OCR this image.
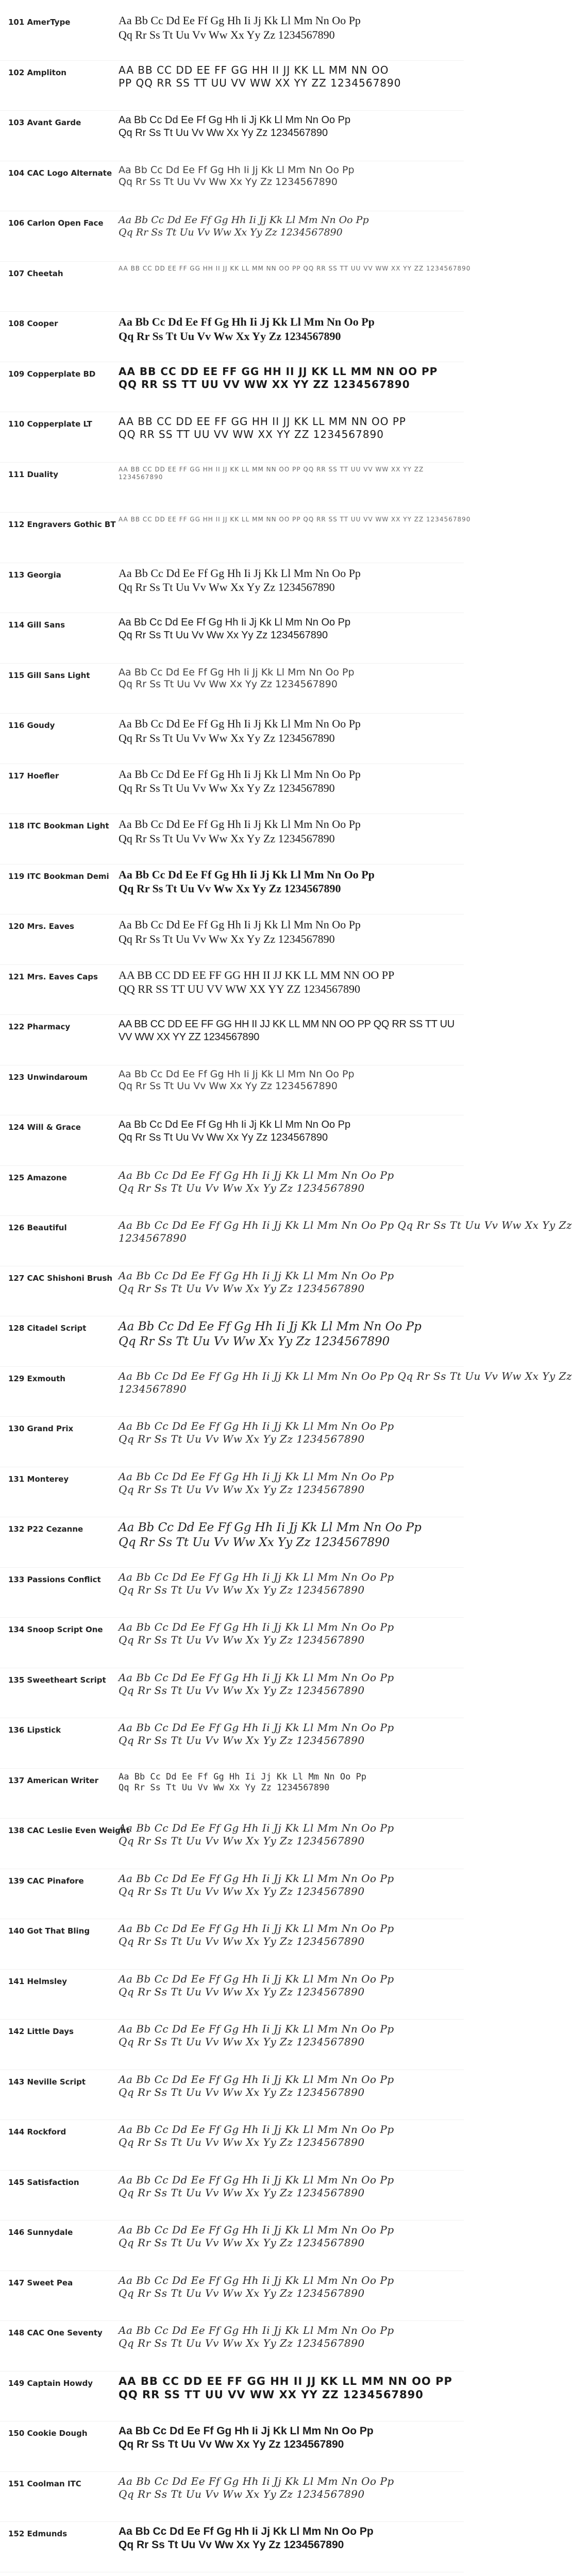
101 AmerType	Aa Bb Cc Dd Ee Ff Gg Hh Ii Jj Kk Ll Mm Nn Oo Pp
Qq Rr Ss Tt Uu Vv Ww Xx Yy Zz 1234567890
102 Ampliton	AA BB CC DD EE FF GG HH II JJ KK LL MM NN OO
PP QQ RR SS TT UU VV WW XX YY ZZ 1234567890
103 Avant Garde	Aa Bb Cc Dd Ee Ff Gg Hh Ii Jj Kk Ll Mm Nn Oo Pp
Qq Rr Ss Tt Uu Vv Ww Xx Yy Zz 1234567890
104 CAC Logo Alternate Aa Bb Cc Dd Ee Ff Gg Hh Ii Jj Kk Ll Mm Nn Oo Pp
Qq Rr Ss Tt Uu Vv Ww Xx Yy Zz 1234567890
106 Carlon Open Face	Aa Bb Cc Dd Ee Ff Gg Hh Ii Jj Kk Ll Mm Nn Oo Pp
Qq Rr Ss Tt Uu Vv Ww Xx Yy Zz 1234567890
107 Cheetah
AA BB CC DD EE FF GG HH II JJ KK LL MM NN OO PP QQ RR SS TT UU VV WW XX YY ZZ 1234567890
108 Cooper	Aa Bb Cc Dd Ee Ff Gg Hh Ii Jj Kk Ll Mm Nn Oo Pp
Qq Rr Ss Tt Uu Vv Ww Xx Yy Zz 1234567890
109 Copperplate BD	AA BB CC DD EE FF GG HH II JJ KK LL MM NN OO PP
QQ RR SS TT UU VV WW XX YY ZZ 1234567890
110 Copperplate LT	AA BB CC DD EE FF GG HH II JJ KK LL MM NN OO PP
QQ RR SS TT UU VV WW XX YY ZZ 1234567890
111 Duality
AA BB CC DD EE FF GG HH II JJ KK LL MM NN OO PP QQ RR SS TT UU VV WW XX YY ZZ
1234567890
112 Engravers Gothic BT
AA BB CC DD EE FF GG HH II JJ KK LL MM NN OO PP QQ RR SS TT UU VV WW XX YY ZZ 1234567890
113 Georgia	Aa Bb Cc Dd Ee Ff Gg Hh Ii Jj Kk Ll Mm Nn Oo Pp
Qq Rr Ss Tt Uu Vv Ww Xx Yy Zz 1234567890
114 Gill Sans	Aa Bb Cc Dd Ee Ff Gg Hh Ii Jj Kk Ll Mm Nn Oo Pp
Qq Rr Ss Tt Uu Vv Ww Xx Yy Zz 1234567890
115 Gill Sans Light	Aa Bb Cc Dd Ee Ff Gg Hh Ii Jj Kk Ll Mm Nn Oo Pp
Qq Rr Ss Tt Uu Vv Ww Xx Yy Zz 1234567890
116 Goudy	Aa Bb Cc Dd Ee Ff Gg Hh Ii Jj Kk Ll Mm Nn Oo Pp
Qq Rr Ss Tt Uu Vv Ww Xx Yy Zz 1234567890
117 Hoefler	Aa Bb Cc Dd Ee Ff Gg Hh Ii Jj Kk Ll Mm Nn Oo Pp
Qq Rr Ss Tt Uu Vv Ww Xx Yy Zz 1234567890
118 ITC Bookman Light Aa Bb Cc Dd Ee Ff Gg Hh Ii Jj Kk Ll Mm Nn Oo Pp
Qq Rr Ss Tt Uu Vv Ww Xx Yy Zz 1234567890
119 ITC Bookman Demi Aa Bb Cc Dd Ee Ff Gg Hh Ii Jj Kk Ll Mm Nn Oo Pp
Qq Rr Ss Tt Uu Vv Ww Xx Yy Zz 1234567890
120 Mrs. Eaves	Aa Bb Cc Dd Ee Ff Gg Hh Ii Jj Kk Ll Mm Nn Oo Pp
Qq Rr Ss Tt Uu Vv Ww Xx Yy Zz 1234567890
121 Mrs. Eaves Caps	AA BB CC DD EE FF GG HH II JJ KK LL MM NN OO PP
QQ RR SS TT UU VV WW XX YY ZZ 1234567890
122 Pharmacy	AA BB CC DD EE FF GG HH II JJ KK LL MM NN OO PP QQ RR SS TT UU
VV WW XX YY ZZ 1234567890
123 Unwindaroum	Aa Bb Cc Dd Ee Ff Gg Hh Ii Jj Kk Ll Mm Nn Oo Pp
Qq Rr Ss Tt Uu Vv Ww Xx Yy Zz 1234567890
124 Will & Grace	Aa Bb Cc Dd Ee Ff Gg Hh Ii Jj Kk Ll Mm Nn Oo Pp
Qq Rr Ss Tt Uu Vv Ww Xx Yy Zz 1234567890
125 Amazone	Aa Bb Cc Dd Ee Ff Gg Hh Ii Jj Kk Ll Mm Nn Oo Pp
Qq Rr Ss Tt Uu Vv Ww Xx Yy Zz 1234567890
126 Beautiful	Aa Bb Cc Dd Ee Ff Gg Hh Ii Jj Kk Ll Mm Nn Oo Pp Qq Rr Ss Tt Uu Vv Ww Xx Yy Zz
1234567890
127 CAC Shishoni Brush Aa Bb Cc Dd Ee Ff Gg Hh Ii Jj Kk Ll Mm Nn Oo Pp
Qq Rr Ss Tt Uu Vv Ww Xx Yy Zz 1234567890
128 Citadel Script	Aa Bb Cc Dd Ee Ff Gg Hh Ii Jj Kk Ll Mm Nn Oo Pp
Qq Rr Ss Tt Uu Vv Ww Xx Yy Zz 1234567890
129 Exmouth	Aa Bb Cc Dd Ee Ff Gg Hh Ii Jj Kk Ll Mm Nn Oo Pp Qq Rr Ss Tt Uu Vv Ww Xx Yy Zz
1234567890
130 Grand Prix	Aa Bb Cc Dd Ee Ff Gg Hh Ii Jj Kk Ll Mm Nn Oo Pp
Qq Rr Ss Tt Uu Vv Ww Xx Yy Zz 1234567890
131 Monterey	Aa Bb Cc Dd Ee Ff Gg Hh Ii Jj Kk Ll Mm Nn Oo Pp
Qq Rr Ss Tt Uu Vv Ww Xx Yy Zz 1234567890
132 P22 Cezanne	Aa Bb Cc Dd Ee Ff Gg Hh Ii Jj Kk Ll Mm Nn Oo Pp
Qq Rr Ss Tt Uu Vv Ww Xx Yy Zz 1234567890
133 Passions Conflict	Aa Bb Cc Dd Ee Ff Gg Hh Ii Jj Kk Ll Mm Nn Oo Pp
Qq Rr Ss Tt Uu Vv Ww Xx Yy Zz 1234567890
134 Snoop Script One	Aa Bb Cc Dd Ee Ff Gg Hh Ii Jj Kk Ll Mm Nn Oo Pp
Qq Rr Ss Tt Uu Vv Ww Xx Yy Zz 1234567890
135 Sweetheart Script	Aa Bb Cc Dd Ee Ff Gg Hh Ii Jj Kk Ll Mm Nn Oo Pp
Qq Rr Ss Tt Uu Vv Ww Xx Yy Zz 1234567890
136 Lipstick	Aa Bb Cc Dd Ee Ff Gg Hh Ii Jj Kk Ll Mm Nn Oo Pp
Qq Rr Ss Tt Uu Vv Ww Xx Yy Zz 1234567890
137 American Writer	Aa Bb Cc Dd Ee Ff Gg Hh Ii Jj Kk Ll Mm Nn Oo Pp
Qq Rr Ss Tt Uu Vv Ww Xx Yy Zz 1234567890
138 CAC Leslie Even Weight
Aa Bb Cc Dd Ee Ff Gg Hh Ii Jj Kk Ll Mm Nn Oo Pp
Qq Rr Ss Tt Uu Vv Ww Xx Yy Zz 1234567890
139 CAC Pinafore	Aa Bb Cc Dd Ee Ff Gg Hh Ii Jj Kk Ll Mm Nn Oo Pp
Qq Rr Ss Tt Uu Vv Ww Xx Yy Zz 1234567890
140 Got That Bling	Aa Bb Cc Dd Ee Ff Gg Hh Ii Jj Kk Ll Mm Nn Oo Pp
Qq Rr Ss Tt Uu Vv Ww Xx Yy Zz 1234567890
141 Helmsley	Aa Bb Cc Dd Ee Ff Gg Hh Ii Jj Kk Ll Mm Nn Oo Pp
Qq Rr Ss Tt Uu Vv Ww Xx Yy Zz 1234567890
142 Little Days	Aa Bb Cc Dd Ee Ff Gg Hh Ii Jj Kk Ll Mm Nn Oo Pp
Qq Rr Ss Tt Uu Vv Ww Xx Yy Zz 1234567890
143 Neville Script	Aa Bb Cc Dd Ee Ff Gg Hh Ii Jj Kk Ll Mm Nn Oo Pp
Qq Rr Ss Tt Uu Vv Ww Xx Yy Zz 1234567890
144 Rockford	Aa Bb Cc Dd Ee Ff Gg Hh Ii Jj Kk Ll Mm Nn Oo Pp
Qq Rr Ss Tt Uu Vv Ww Xx Yy Zz 1234567890
145 Satisfaction	Aa Bb Cc Dd Ee Ff Gg Hh Ii Jj Kk Ll Mm Nn Oo Pp
Qq Rr Ss Tt Uu Vv Ww Xx Yy Zz 1234567890
146 Sunnydale	Aa Bb Cc Dd Ee Ff Gg Hh Ii Jj Kk Ll Mm Nn Oo Pp
Qq Rr Ss Tt Uu Vv Ww Xx Yy Zz 1234567890
147 Sweet Pea	Aa Bb Cc Dd Ee Ff Gg Hh Ii Jj Kk Ll Mm Nn Oo Pp
Qq Rr Ss Tt Uu Vv Ww Xx Yy Zz 1234567890
148 CAC One Seventy	Aa Bb Cc Dd Ee Ff Gg Hh Ii Jj Kk Ll Mm Nn Oo Pp
Qq Rr Ss Tt Uu Vv Ww Xx Yy Zz 1234567890
149 Captain Howdy	AA BB CC DD EE FF GG HH II JJ KK LL MM NN OO PP
QQ RR SS TT UU VV WW XX YY ZZ 1234567890
150 Cookie Dough	Aa Bb Cc Dd Ee Ff Gg Hh Ii Jj Kk Ll Mm Nn Oo Pp
Qq Rr Ss Tt Uu Vv Ww Xx Yy Zz 1234567890
151 Coolman ITC	Aa Bb Cc Dd Ee Ff Gg Hh Ii Jj Kk Ll Mm Nn Oo Pp
Qq Rr Ss Tt Uu Vv Ww Xx Yy Zz 1234567890
152 Edmunds	Aa Bb Cc Dd Ee Ff Gg Hh Ii Jj Kk Ll Mm Nn Oo Pp
Qq Rr Ss Tt Uu Vv Ww Xx Yy Zz 1234567890
